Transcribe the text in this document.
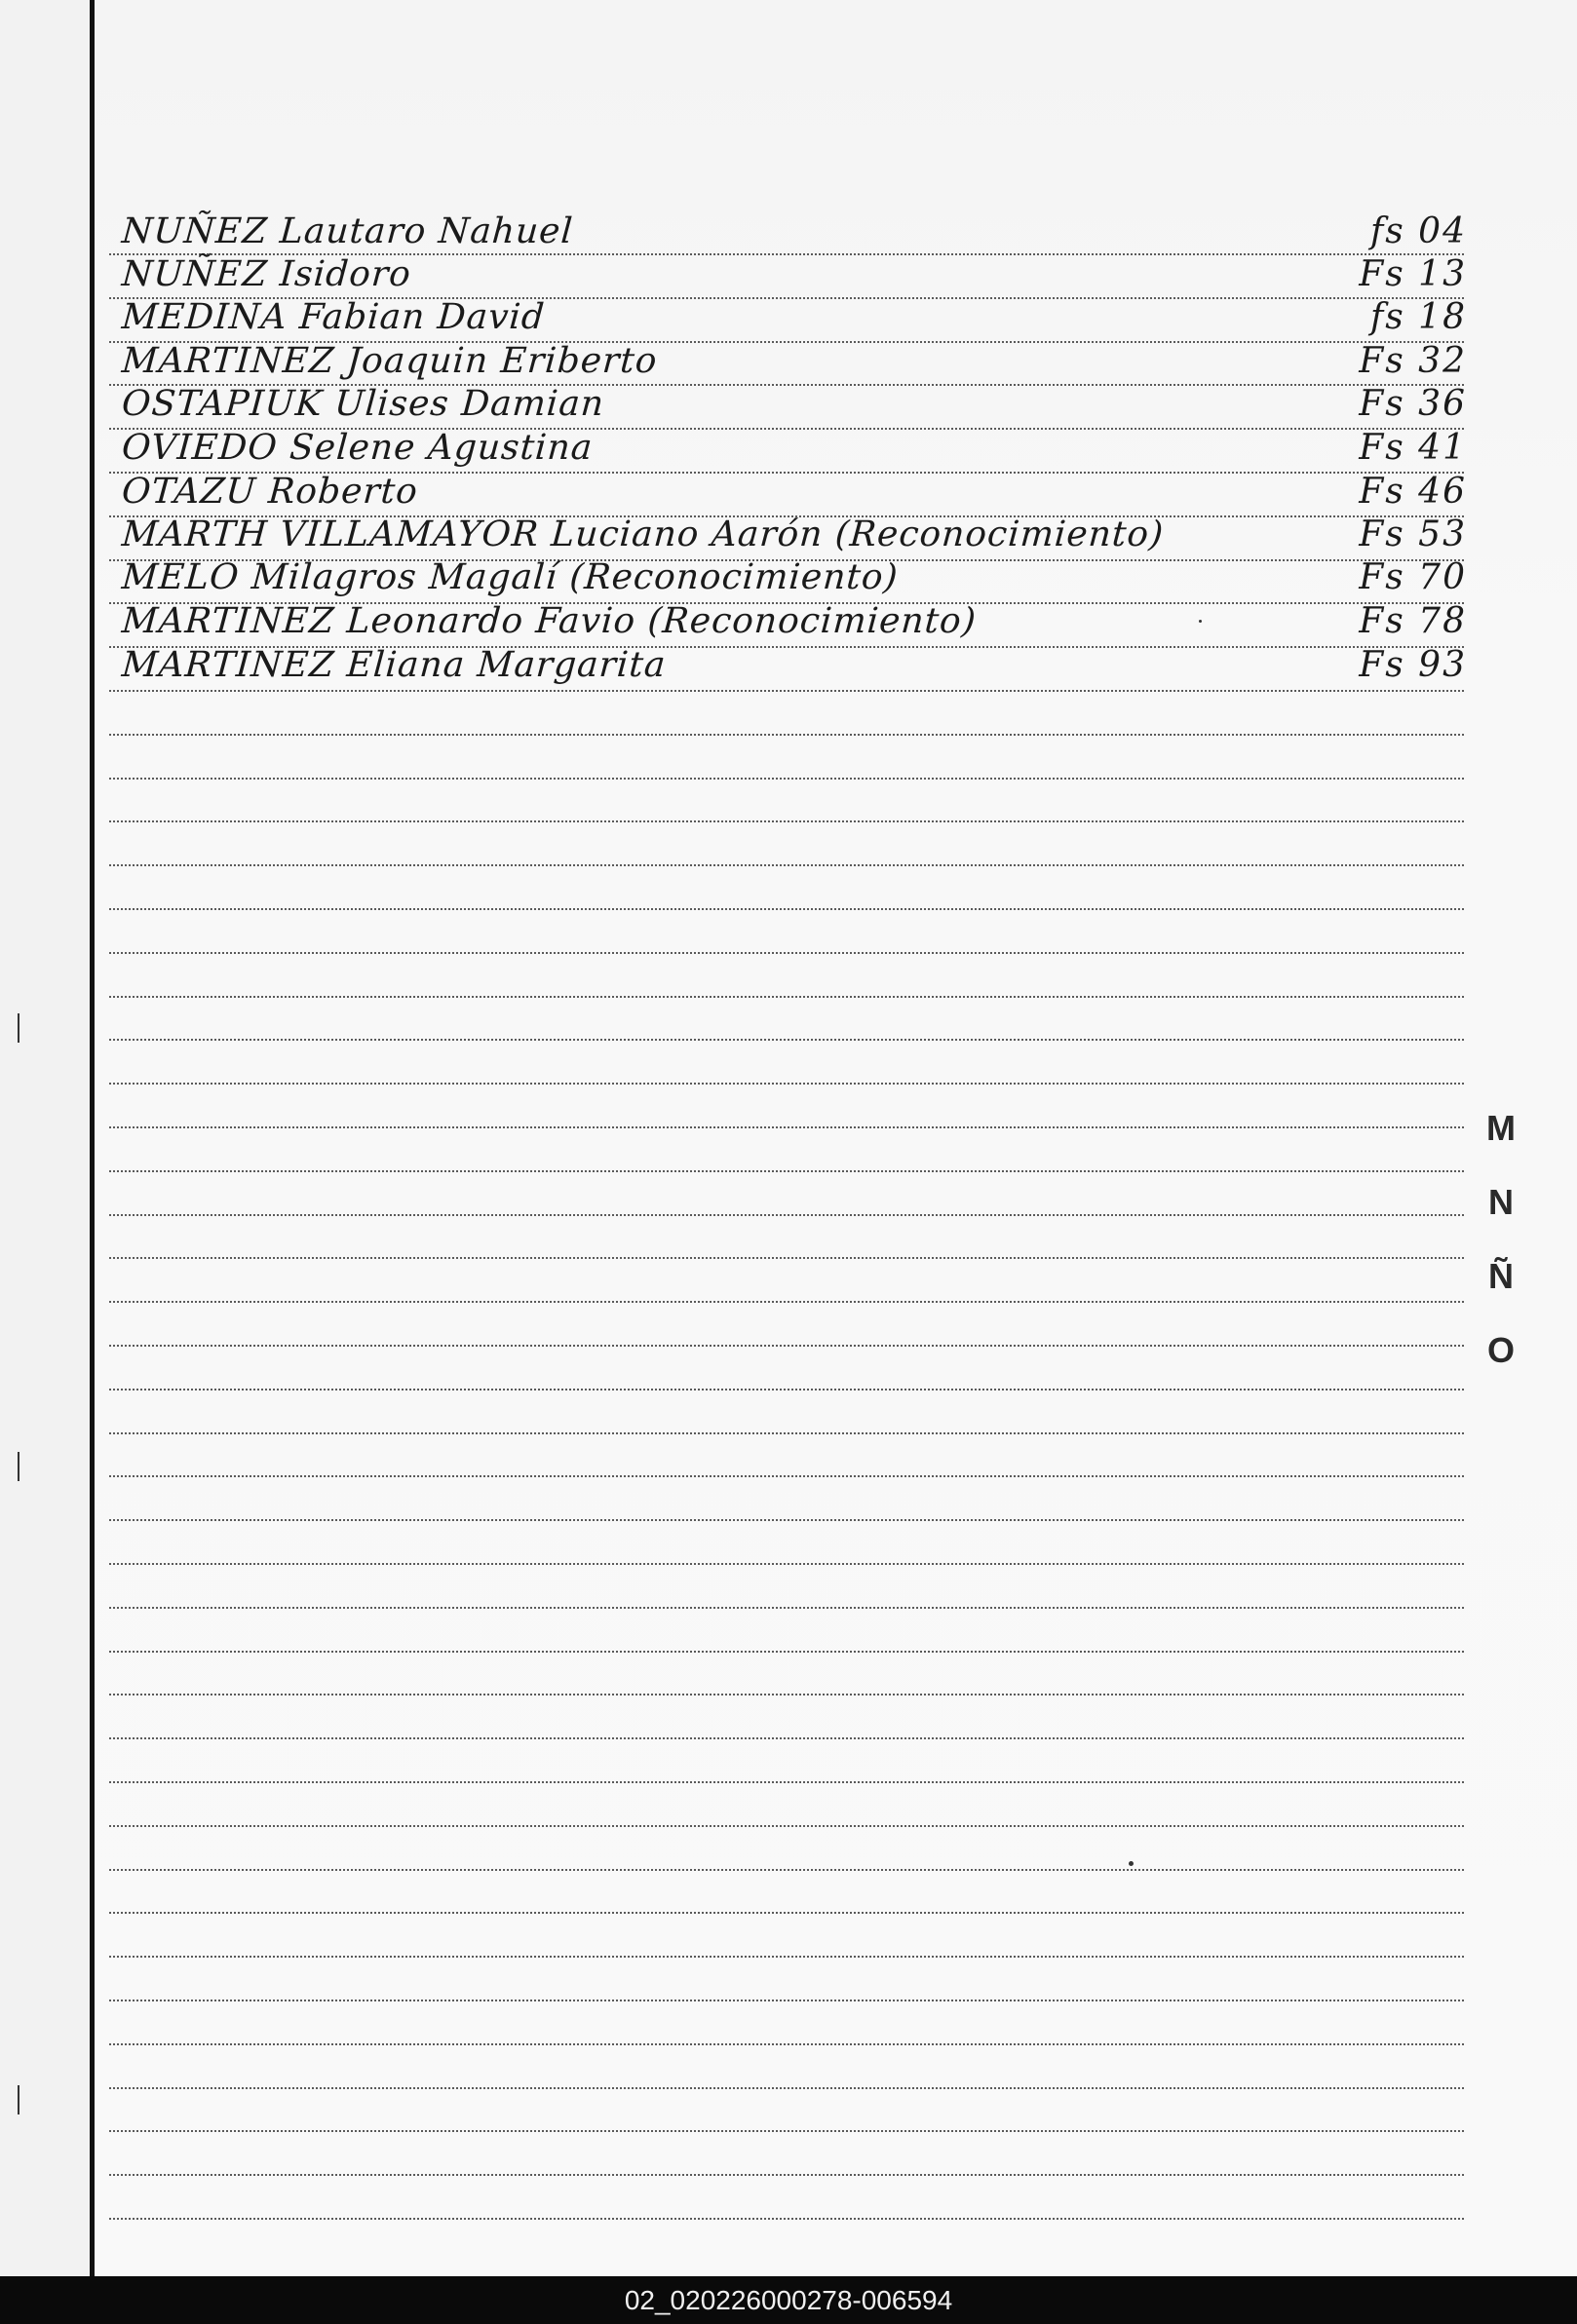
NUÑEZ Lautaro Nahuel	fs 04
NUÑEZ Isidoro	Fs 13
MEDINA Fabian David	fs 18
MARTINEZ Joaquin Eriberto	Fs 32
OSTAPIUK Ulises Damian	Fs 36
OVIEDO Selene Agustina	Fs 41
OTAZU Roberto	Fs 46
MARTH VILLAMAYOR Luciano Aarón (Reconocimiento)	Fs 53
MELO Milagros Magalí (Reconocimiento)	Fs 70
MARTINEZ Leonardo Favio (Reconocimiento)	Fs 78
MARTINEZ Eliana Margarita	Fs 93
M
N
Ñ
O
02_020226000278-006594
